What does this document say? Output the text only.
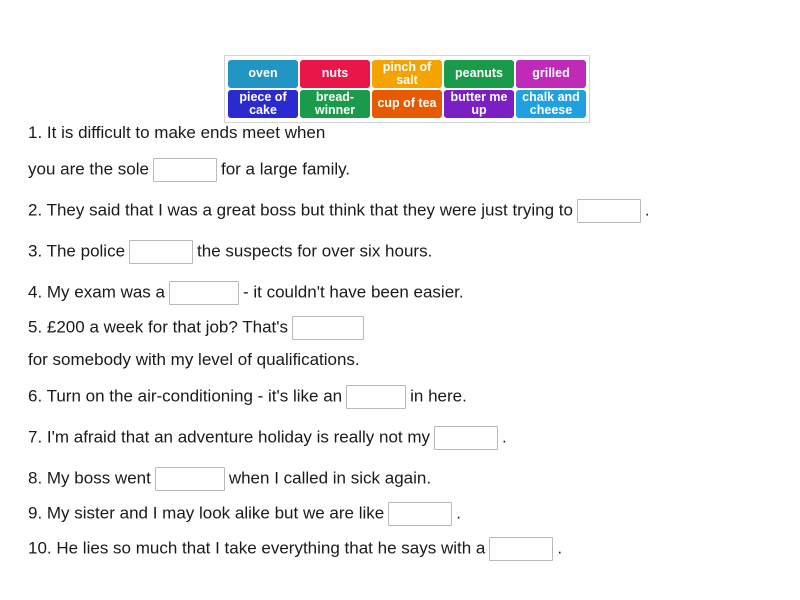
oven	nuts	pinch of salt	peanuts grilled
piece of cake
bread-winner	cup of tea	butter me up
chalk and cheese
1. It is difficult to make ends meet when
you are the sole	for a large family.
2. They said that I was a great boss but think that they were just trying to	.
3. The police	the suspects for over six hours.
4. My exam was a	- it couldn't have been easier.
5. £200 a week for that job? That's
for somebody with my level of qualifications.
6. Turn on the air-conditioning - it's like an	in here.
7. I'm afraid that an adventure holiday is really not my	.
8. My boss went	when I called in sick again.
9. My sister and I may look alike but we are like	.
10. He lies so much that I take everything that he says with a	.
